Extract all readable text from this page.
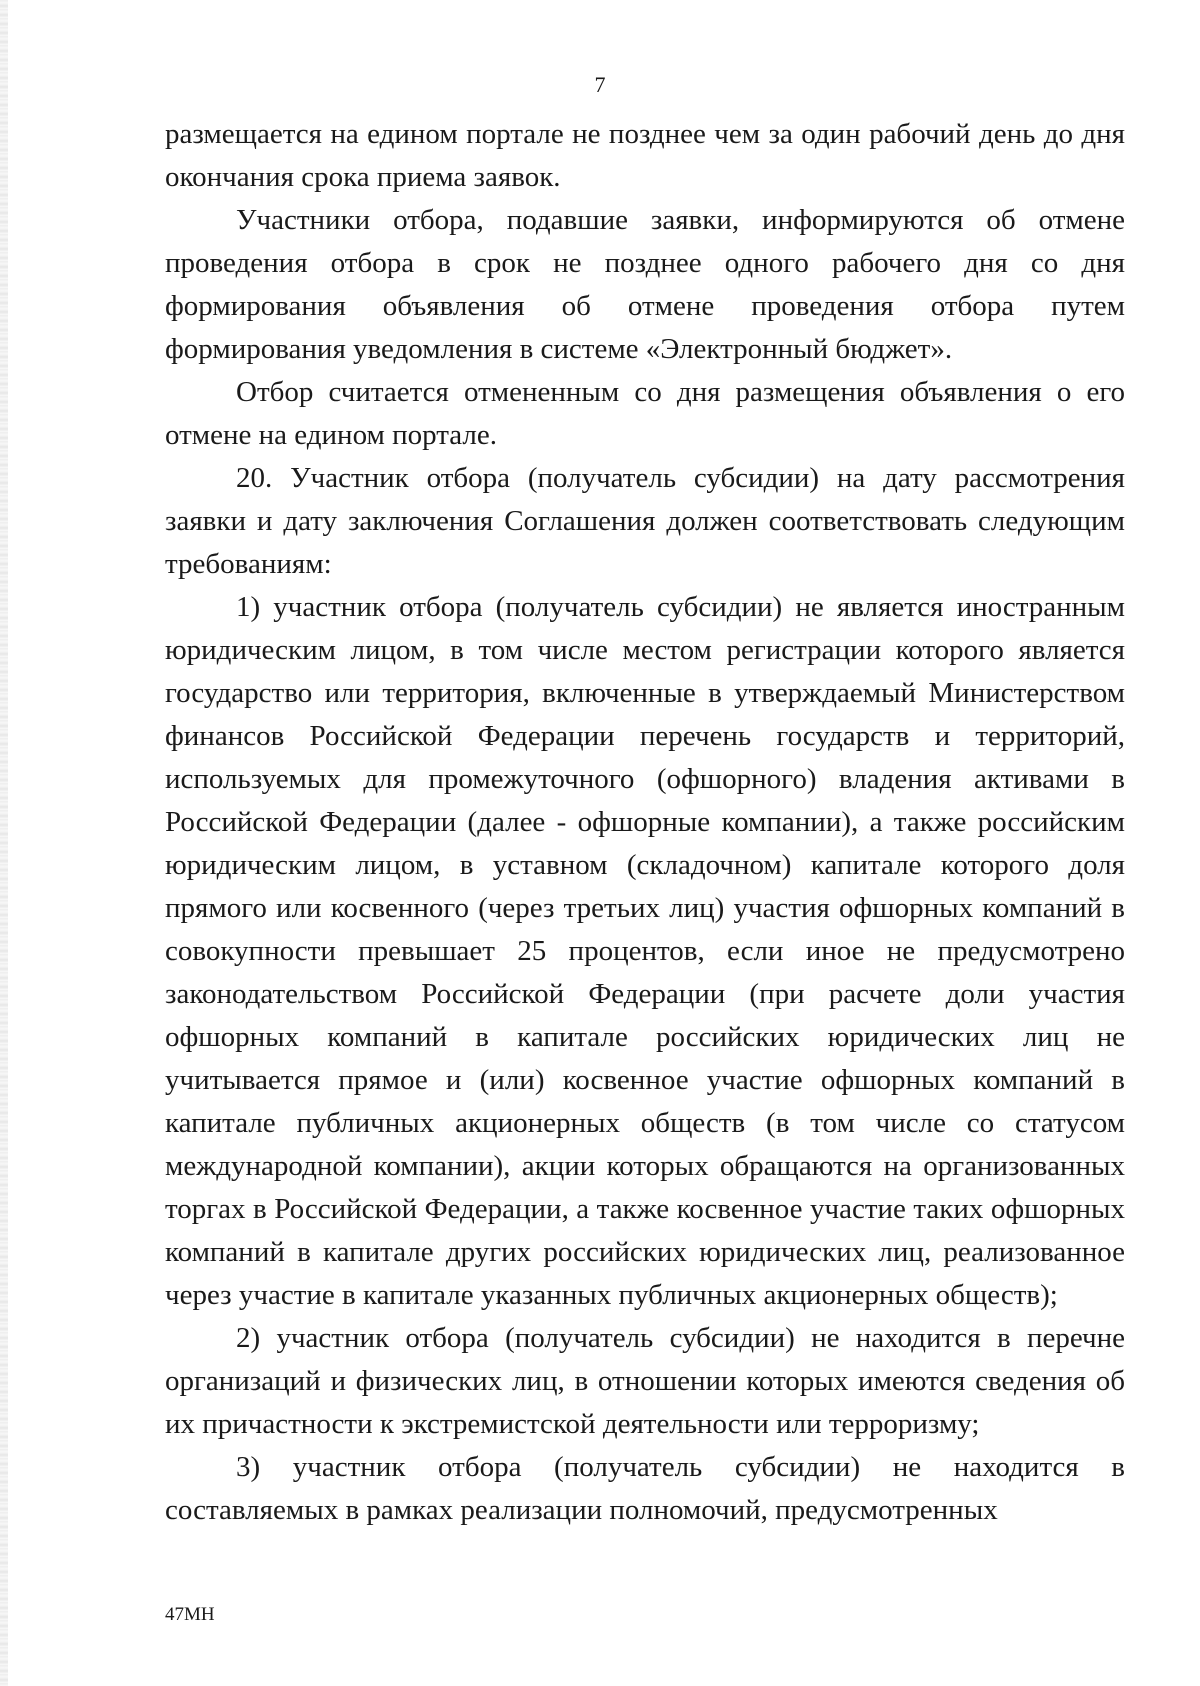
7

размещается на едином портале не позднее чем за один рабочий день до дня окончания срока приема заявок.

Участники отбора, подавшие заявки, информируются об отмене проведения отбора в срок не позднее одного рабочего дня со дня формирования объявления об отмене проведения отбора путем формирования уведомления в системе «Электронный бюджет».

Отбор считается отмененным со дня размещения объявления о его отмене на едином портале.

20. Участник отбора (получатель субсидии) на дату рассмотрения заявки и дату заключения Соглашения должен соответствовать следующим требованиям:

1) участник отбора (получатель субсидии) не является иностранным юридическим лицом, в том числе местом регистрации которого является государство или территория, включенные в утверждаемый Министерством финансов Российской Федерации перечень государств и территорий, используемых для промежуточного (офшорного) владения активами в Российской Федерации (далее - офшорные компании), а также российским юридическим лицом, в уставном (складочном) капитале которого доля прямого или косвенного (через третьих лиц) участия офшорных компаний в совокупности превышает 25 процентов, если иное не предусмотрено законодательством Российской Федерации (при расчете доли участия офшорных компаний в капитале российских юридических лиц не учитывается прямое и (или) косвенное участие офшорных компаний в капитале публичных акционерных обществ (в том числе со статусом международной компании), акции которых обращаются на организованных торгах в Российской Федерации, а также косвенное участие таких офшорных компаний в капитале других российских юридических лиц, реализованное через участие в капитале указанных публичных акционерных обществ);

2) участник отбора (получатель субсидии) не находится в перечне организаций и физических лиц, в отношении которых имеются сведения об их причастности к экстремистской деятельности или терроризму;

3) участник отбора (получатель субсидии) не находится в составляемых в рамках реализации полномочий, предусмотренных

47МН
